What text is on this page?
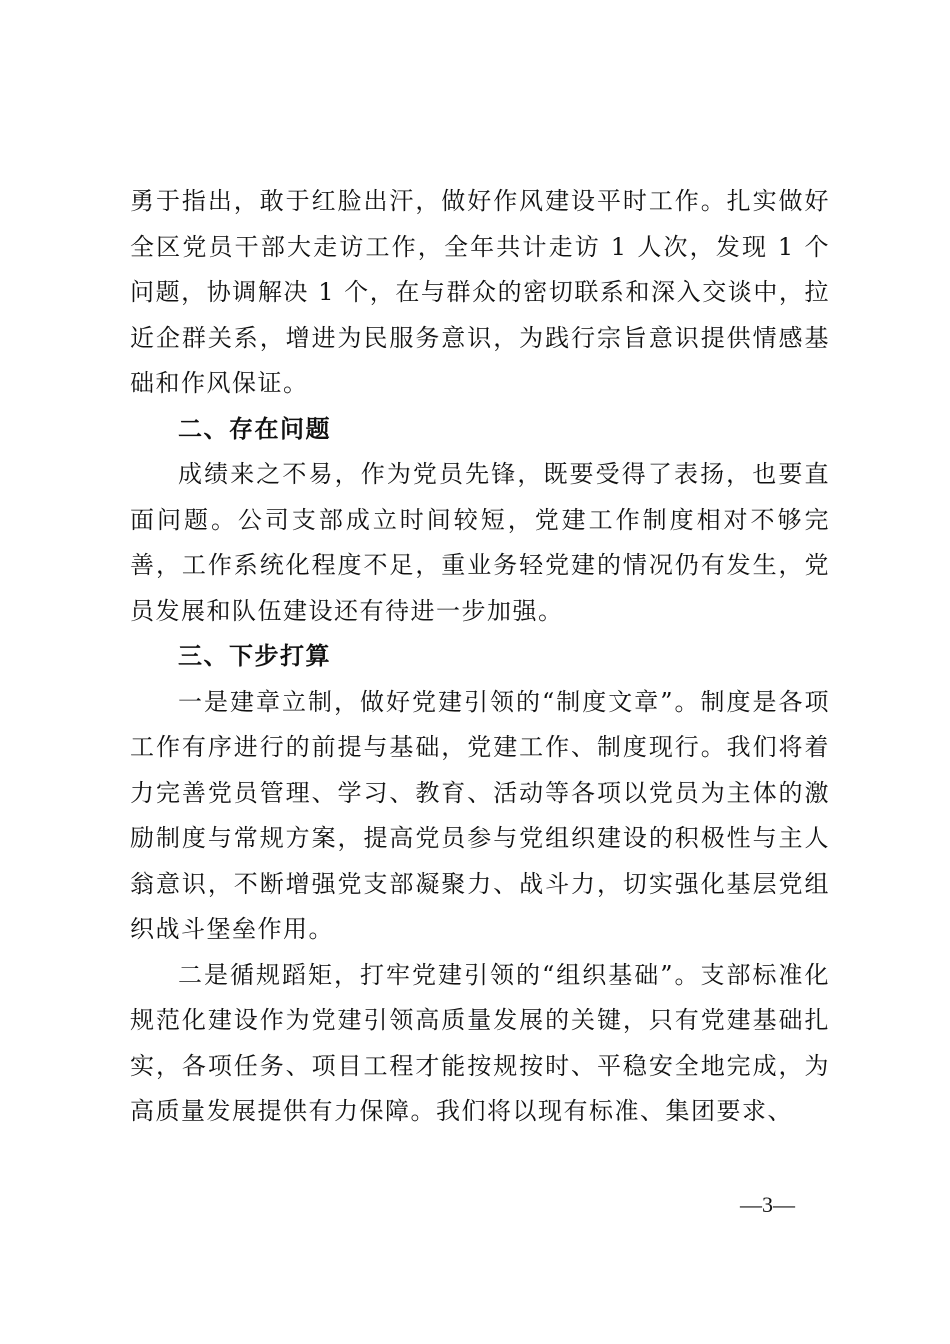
勇于指出，敢于红脸出汗，做好作风建设平时工作。扎实做好全区党员干部大走访工作，全年共计走访 1 人次，发现 1 个问题，协调解决 1 个，在与群众的密切联系和深入交谈中，拉近企群关系，增进为民服务意识，为践行宗旨意识提供情感基础和作风保证。

二、存在问题

成绩来之不易，作为党员先锋，既要受得了表扬，也要直面问题。公司支部成立时间较短，党建工作制度相对不够完善，工作系统化程度不足，重业务轻党建的情况仍有发生，党员发展和队伍建设还有待进一步加强。

三、下步打算

一是建章立制，做好党建引领的“制度文章”。制度是各项工作有序进行的前提与基础，党建工作、制度现行。我们将着力完善党员管理、学习、教育、活动等各项以党员为主体的激励制度与常规方案，提高党员参与党组织建设的积极性与主人翁意识，不断增强党支部凝聚力、战斗力，切实强化基层党组织战斗堡垒作用。

二是循规蹈矩，打牢党建引领的“组织基础”。支部标准化规范化建设作为党建引领高质量发展的关键，只有党建基础扎实，各项任务、项目工程才能按规按时、平稳安全地完成，为高质量发展提供有力保障。我们将以现有标准、集团要求、

—3—
